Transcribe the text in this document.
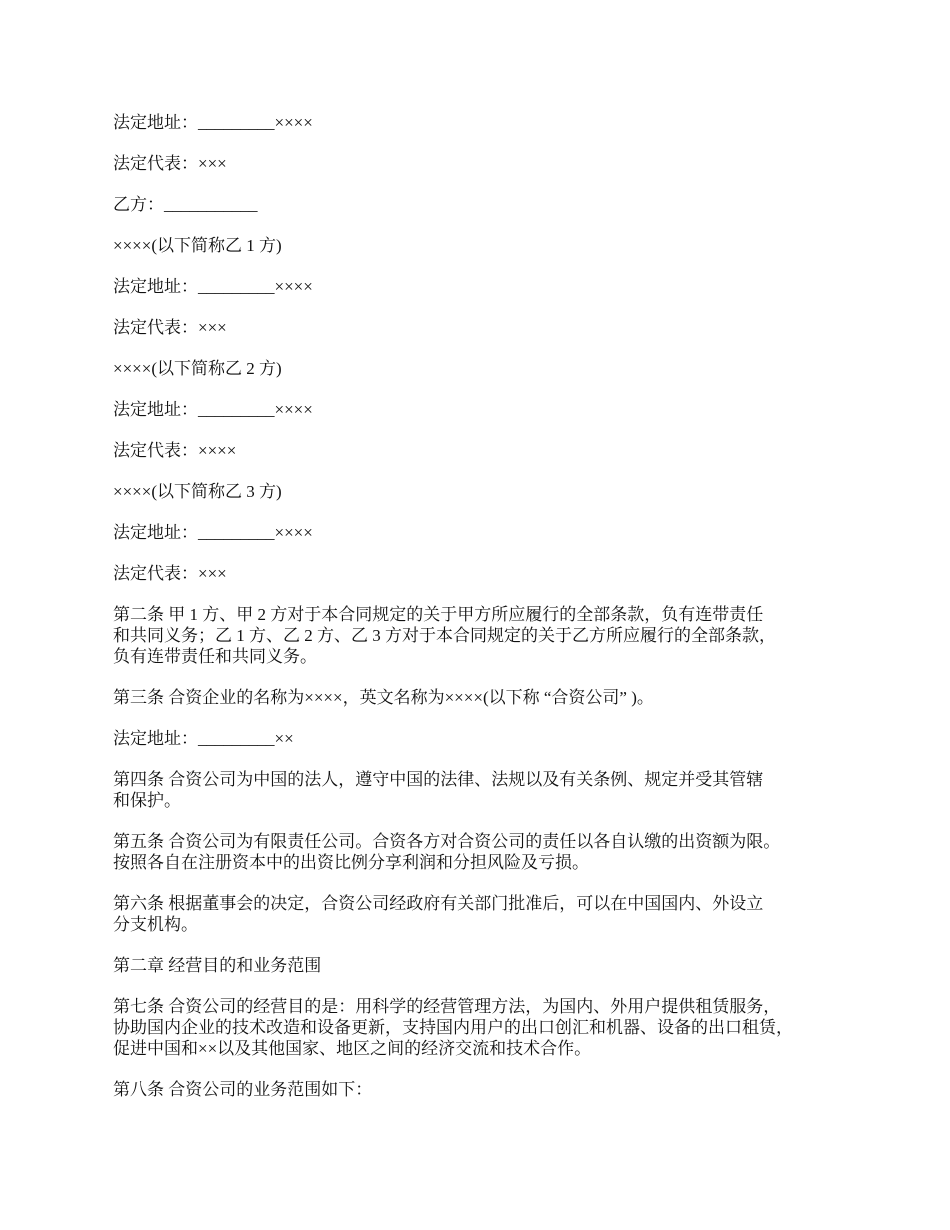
法定地址：_________××××

法定代表：×××

乙方：___________

××××(以下简称乙 1 方)

法定地址：_________××××

法定代表：×××

××××(以下简称乙 2 方)

法定地址：_________××××

法定代表：××××

××××(以下简称乙 3 方)

法定地址：_________××××

法定代表：×××

第二条 甲 1 方、甲 2 方对于本合同规定的关于甲方所应履行的全部条款，负有连带责任
和共同义务；乙 1 方、乙 2 方、乙 3 方对于本合同规定的关于乙方所应履行的全部条款，
负有连带责任和共同义务。

第三条 合资企业的名称为××××，英文名称为××××(以下称 “合资公司” )。

法定地址：_________××

第四条 合资公司为中国的法人，遵守中国的法律、法规以及有关条例、规定并受其管辖
和保护。

第五条 合资公司为有限责任公司。合资各方对合资公司的责任以各自认缴的出资额为限。
按照各自在注册资本中的出资比例分享利润和分担风险及亏损。

第六条 根据董事会的决定，合资公司经政府有关部门批准后，可以在中国国内、外设立
分支机构。

第二章 经营目的和业务范围

第七条 合资公司的经营目的是：用科学的经营管理方法，为国内、外用户提供租赁服务，
协助国内企业的技术改造和设备更新，支持国内用户的出口创汇和机器、设备的出口租赁，
促进中国和××以及其他国家、地区之间的经济交流和技术合作。

第八条 合资公司的业务范围如下：
